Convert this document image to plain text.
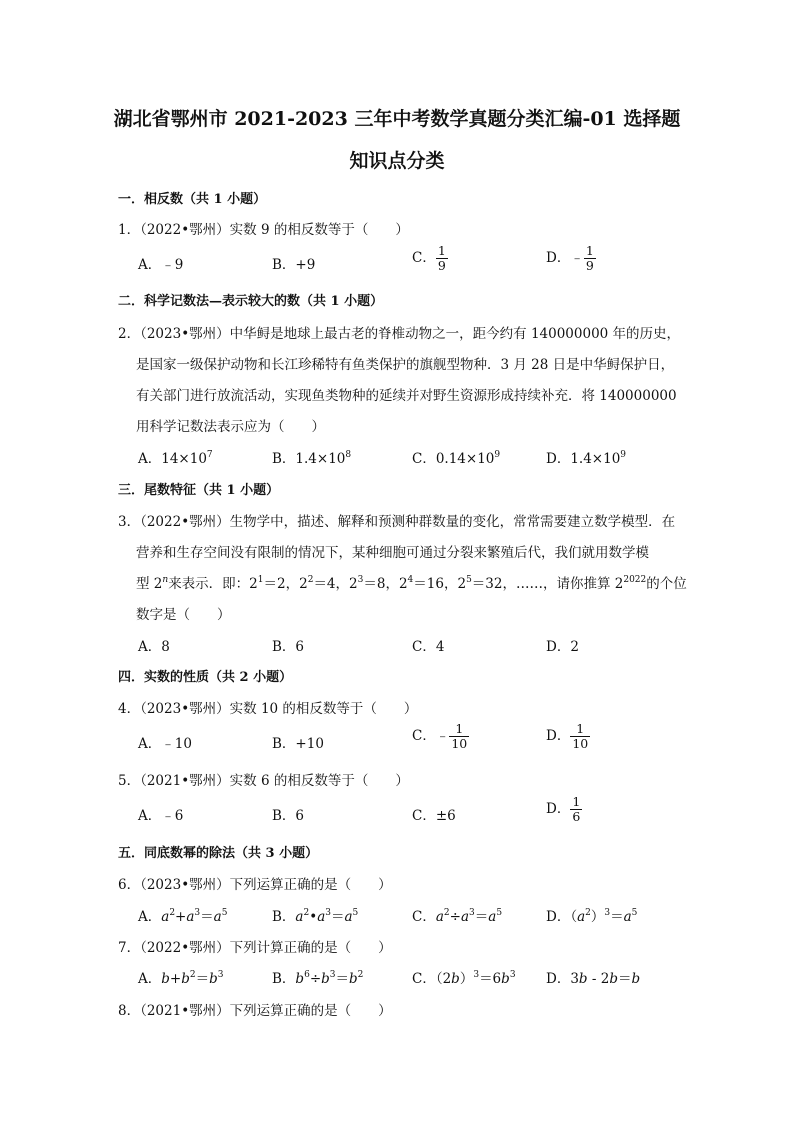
湖北省鄂州市 2021-2023 三年中考数学真题分类汇编-01 选择题
知识点分类
一．相反数（共 1 小题）
1．（2022•鄂州）实数 9 的相反数等于（　　）
A．﹣9	B．+9	C． $\frac{1}{9}$	D．﹣ $\frac{1}{9}$
二．科学记数法—表示较大的数（共 1 小题）
2．（2023•鄂州）中华鲟是地球上最古老的脊椎动物之一，距今约有 140000000 年的历史，
是国家一级保护动物和长江珍稀特有鱼类保护的旗舰型物种．3 月 28 日是中华鲟保护日，
有关部门进行放流活动，实现鱼类物种的延续并对野生资源形成持续补充．将 140000000
用科学记数法表示应为（　　）
A．$14\times 10^7$	B．$1.4\times 10^8$	C．$0.14\times 10^9$	D．$1.4\times 10^9$
三．尾数特征（共 1 小题）
3．（2022•鄂州）生物学中，描述、解释和预测种群数量的变化，常常需要建立数学模型．在
营养和生存空间没有限制的情况下，某种细胞可通过分裂来繁殖后代，我们就用数学模
型 2$^n$来表示．即：$2^1=2$，$2^2=4$，$2^3=8$，$2^4=16$，$2^5=32$，……，请你推算 $2^{2022}$的个位
数字是（　　）
A．8	B．6	C．4	D．2
四．实数的性质（共 2 小题）
4．（2023•鄂州）实数 10 的相反数等于（　　）
A．﹣10	B．+10	C．﹣ $\frac{1}{10}$	D． $\frac{1}{10}$
5．（2021•鄂州）实数 6 的相反数等于（　　）
A．﹣6	B．6	C．±6	D． $\frac{1}{6}$
五．同底数幂的除法（共 3 小题）
6．（2023•鄂州）下列运算正确的是（　　）
A．$a^2+a^3=a^5$	B．$a^2•a^3=a^5$	C．$a^2\div a^3=a^5$	D．$(a^2)^3=a^5$
7．（2022•鄂州）下列计算正确的是（　　）
A．$b+b^2=b^3$	B．$b^6\div b^3=b^2$	C．$(2b)^3=6b^3$ D．3b - 2b＝b
8．（2021•鄂州）下列运算正确的是（　　）
